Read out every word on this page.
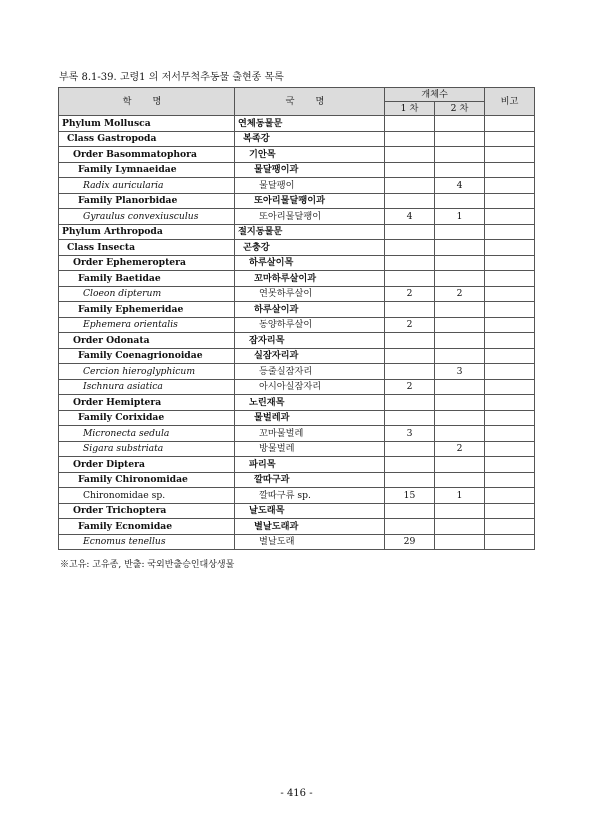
부록 8.1-39. 고령1 의 저서무척추동물 출현종 목록
학 명	국 명	개체수		비고
		1 차	2 차	
Phylum Mollusca	연체동물문			
Class Gastropoda	복족강			
Order Basommatophora	기안목			
Family Lymnaeidae	물달팽이과			
Radix auricularia	물달팽이		4	
Family Planorbidae	또아리물달팽이과			
Gyraulus convexiusculus	또아리물달팽이	4	1	
Phylum Arthropoda	절지동물문			
Class Insecta	곤충강			
Order Ephemeroptera	하루살이목			
Family Baetidae	꼬마하루살이과			
Cloeon dipterum	연못하루살이	2	2	
Family Ephemeridae	하루살이과			
Ephemera orientalis	동양하루살이	2		
Order Odonata	잠자리목			
Family Coenagrionoidae	실잠자리과			
Cercion hieroglyphicum	등줄실잠자리		3	
Ischnura asiatica	아시아실잠자리	2		
Order Hemiptera	노린재목			
Family Corixidae	물벌레과			
Micronecta sedula	꼬마물벌레	3		
Sigara substriata	방물벌레		2	
Order Diptera	파리목			
Family Chironomidae	깔따구과			
Chironomidae sp.	깔따구류 sp.	15	1	
Order Trichoptera	날도래목			
Family Ecnomidae	별날도래과			
Ecnomus tenellus	별날도래	29		
※고유: 고유종, 반출: 국외반출승인대상생물
- 416 -
